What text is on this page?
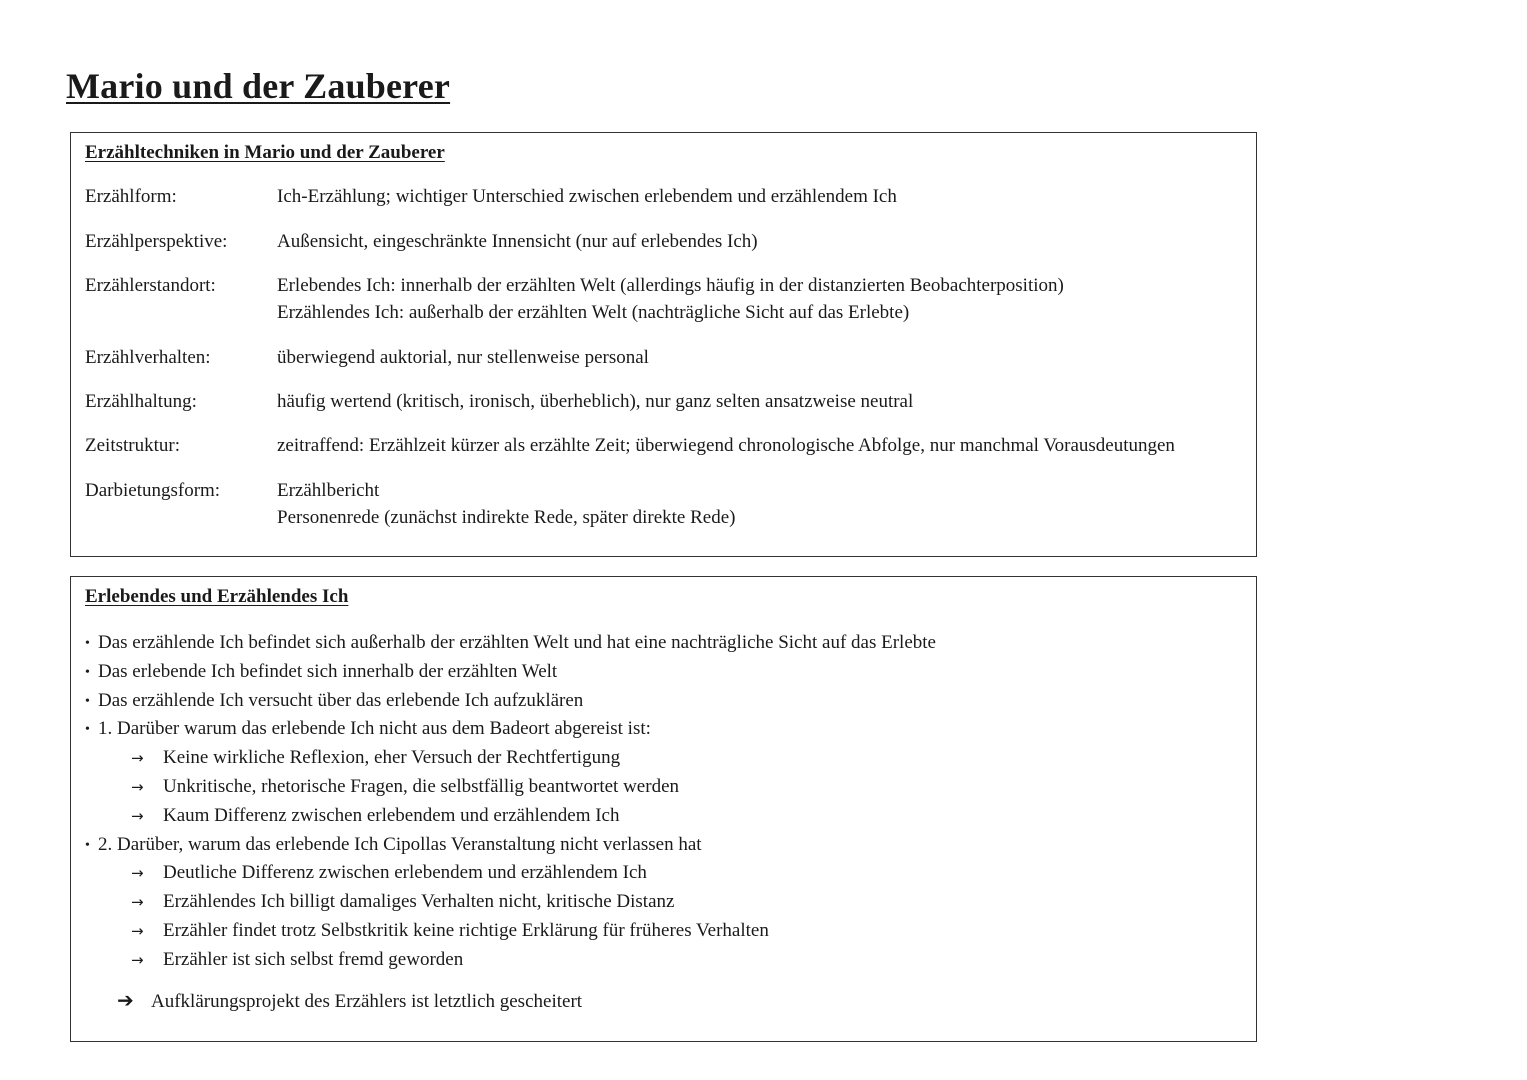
Mario und der Zauberer
Erzähltechniken in Mario und der Zauberer
Erzählform:	Ich-Erzählung; wichtiger Unterschied zwischen erlebendem und erzählendem Ich
Erzählperspektive:	Außensicht, eingeschränkte Innensicht (nur auf erlebendes Ich)
Erzählerstandort:	Erlebendes Ich: innerhalb der erzählten Welt (allerdings häufig in der distanzierten Beobachterposition)
Erzählendes Ich: außerhalb der erzählten Welt (nachträgliche Sicht auf das Erlebte)
Erzählverhalten:	überwiegend auktorial, nur stellenweise personal
Erzählhaltung:	häufig wertend (kritisch, ironisch, überheblich), nur ganz selten ansatzweise neutral
Zeitstruktur:	zeitraffend: Erzählzeit kürzer als erzählte Zeit; überwiegend chronologische Abfolge, nur manchmal Vorausdeutungen
Darbietungsform:	Erzählbericht
Personenrede (zunächst indirekte Rede, später direkte Rede)
Erlebendes und Erzählendes Ich
• Das erzählende Ich befindet sich außerhalb der erzählten Welt und hat eine nachträgliche Sicht auf das Erlebte
• Das erlebende Ich befindet sich innerhalb der erzählten Welt
• Das erzählende Ich versucht über das erlebende Ich aufzuklären
• 1. Darüber warum das erlebende Ich nicht aus dem Badeort abgereist ist:
→ Keine wirkliche Reflexion, eher Versuch der Rechtfertigung
→ Unkritische, rhetorische Fragen, die selbstfällig beantwortet werden
→ Kaum Differenz zwischen erlebendem und erzählendem Ich
• 2. Darüber, warum das erlebende Ich Cipollas Veranstaltung nicht verlassen hat
→ Deutliche Differenz zwischen erlebendem und erzählendem Ich
→ Erzählendes Ich billigt damaliges Verhalten nicht, kritische Distanz
→ Erzähler findet trotz Selbstkritik keine richtige Erklärung für früheres Verhalten
→ Erzähler ist sich selbst fremd geworden
➔ Aufklärungsprojekt des Erzählers ist letztlich gescheitert
